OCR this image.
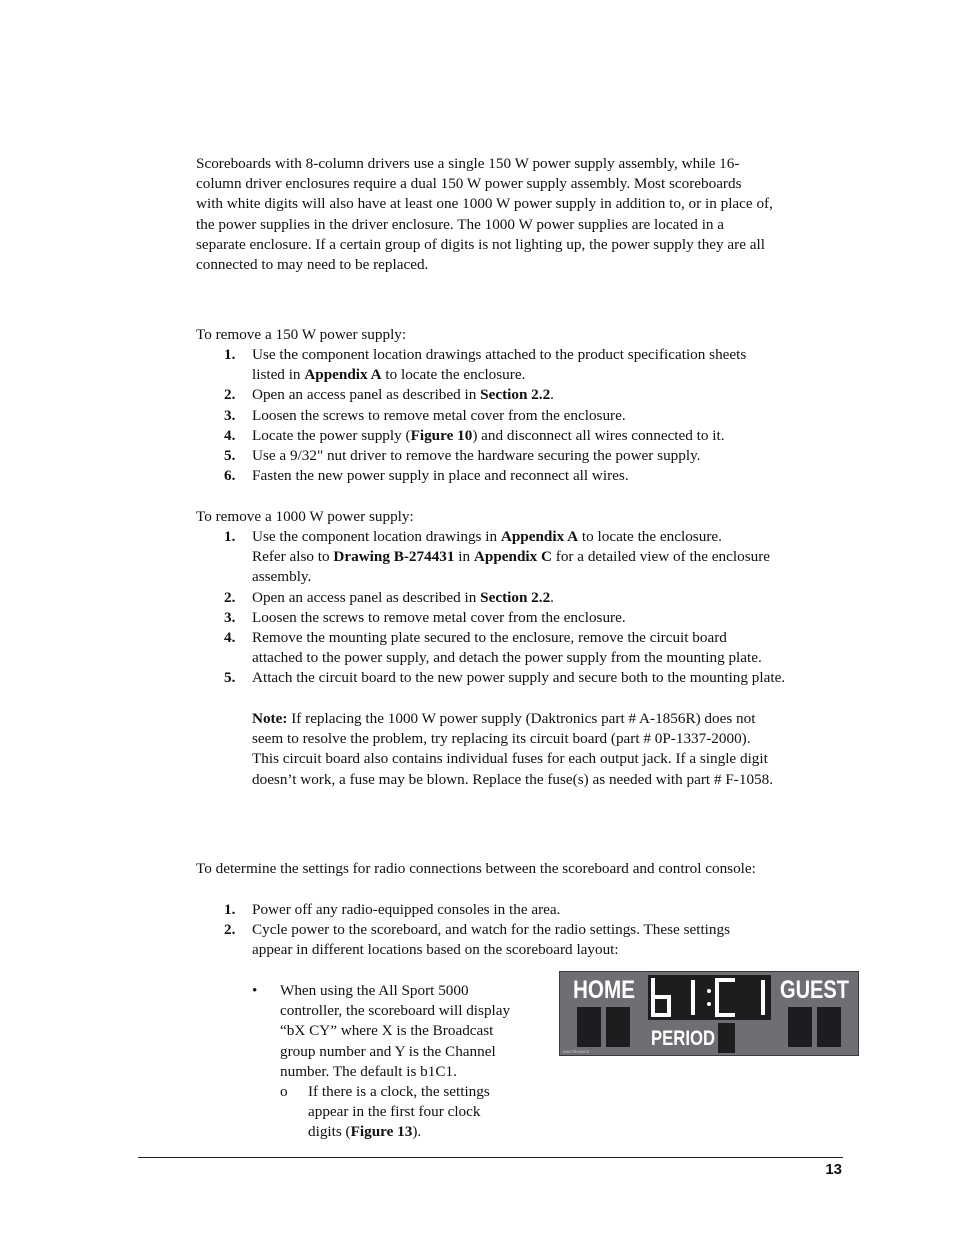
Scoreboards with 8-column drivers use a single 150 W power supply assembly, while 16-
column driver enclosures require a dual 150 W power supply assembly. Most scoreboards
with white digits will also have at least one 1000 W power supply in addition to, or in place of,
the power supplies in the driver enclosure. The 1000 W power supplies are located in a
separate enclosure. If a certain group of digits is not lighting up, the power supply they are all
connected to may need to be replaced.
To remove a 150 W power supply:
1. Use the component location drawings attached to the product specification sheets
listed in Appendix A to locate the enclosure.
2. Open an access panel as described in Section 2.2.
3. Loosen the screws to remove metal cover from the enclosure.
4. Locate the power supply (Figure 10) and disconnect all wires connected to it.
5. Use a 9/32" nut driver to remove the hardware securing the power supply.
6. Fasten the new power supply in place and reconnect all wires.
To remove a 1000 W power supply:
1. Use the component location drawings in Appendix A to locate the enclosure.
Refer also to Drawing B-274431 in Appendix C for a detailed view of the enclosure
assembly.
2. Open an access panel as described in Section 2.2.
3. Loosen the screws to remove metal cover from the enclosure.
4. Remove the mounting plate secured to the enclosure, remove the circuit board
attached to the power supply, and detach the power supply from the mounting plate.
5. Attach the circuit board to the new power supply and secure both to the mounting plate.
Note: If replacing the 1000 W power supply (Daktronics part # A-1856R) does not
seem to resolve the problem, try replacing its circuit board (part # 0P-1337-2000).
This circuit board also contains individual fuses for each output jack. If a single digit
doesn’t work, a fuse may be blown. Replace the fuse(s) as needed with part # F-1058.
To determine the settings for radio connections between the scoreboard and control console:
1. Power off any radio-equipped consoles in the area.
2. Cycle power to the scoreboard, and watch for the radio settings. These settings
appear in different locations based on the scoreboard layout:
• When using the All Sport 5000
controller, the scoreboard will display
“bX CY” where X is the Broadcast
group number and Y is the Channel
number. The default is b1C1.
o If there is a clock, the settings
appear in the first four clock
digits (Figure 13).
HOME	GUEST
PERIOD
DAKTRONICS
13
